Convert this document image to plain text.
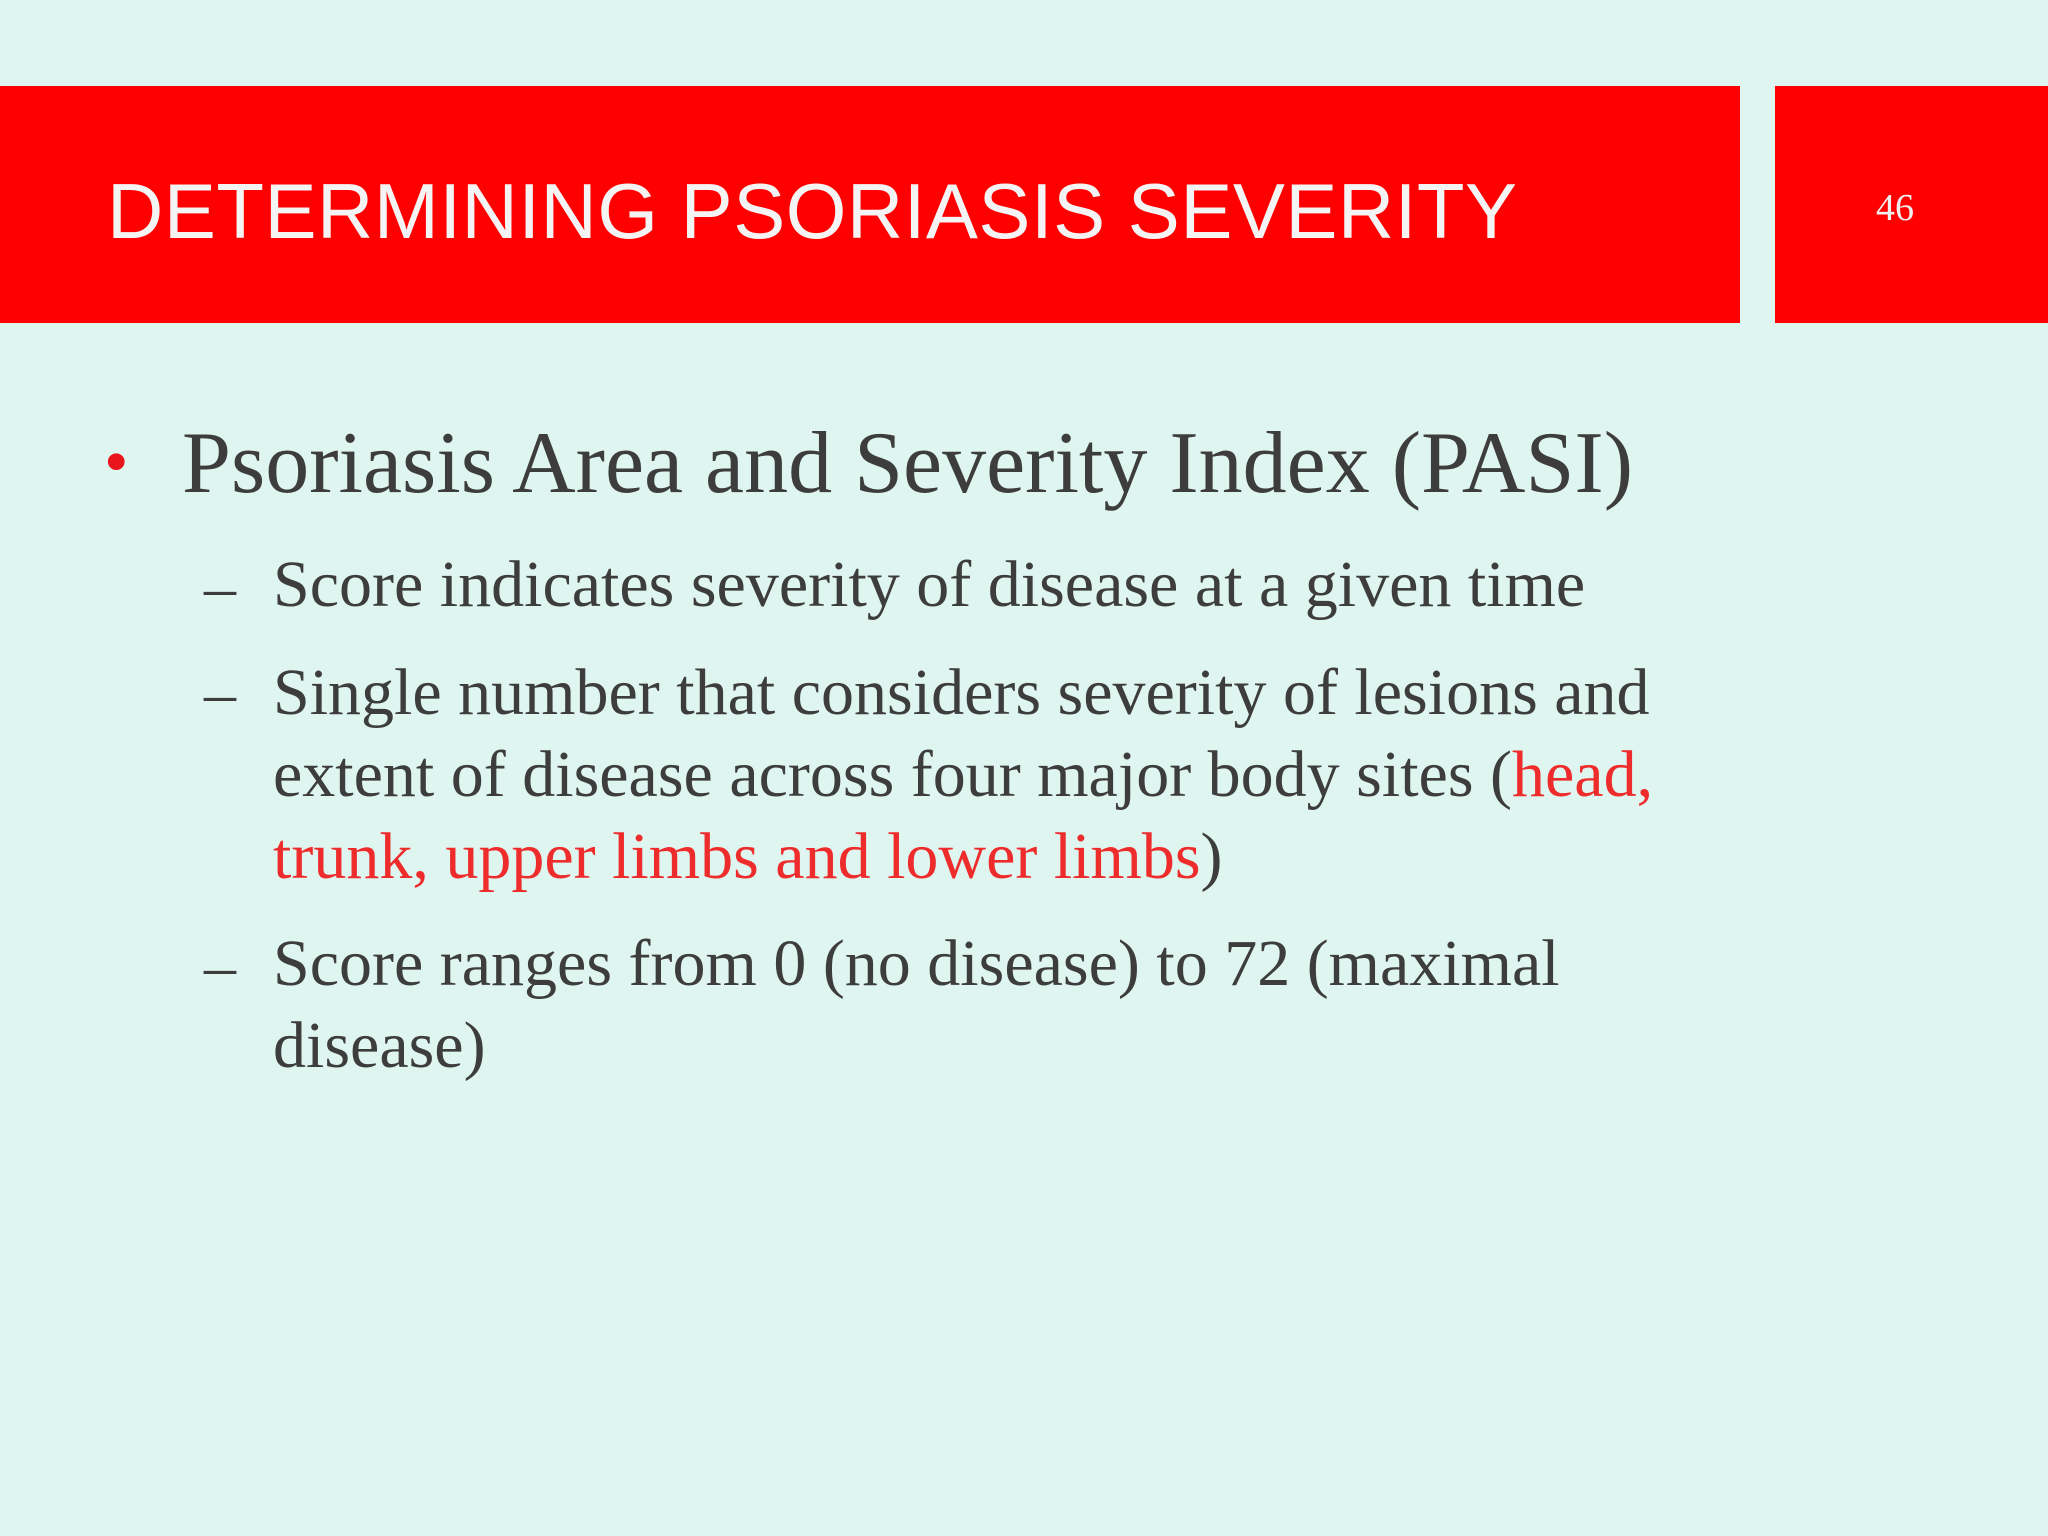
DETERMINING PSORIASIS SEVERITY	46
• Psoriasis Area and Severity Index (PASI)
– Score indicates severity of disease at a given time
– Single number that considers severity of lesions and extent of disease across four major body sites (head, trunk, upper limbs and lower limbs)
– Score ranges from 0 (no disease) to 72 (maximal disease)
